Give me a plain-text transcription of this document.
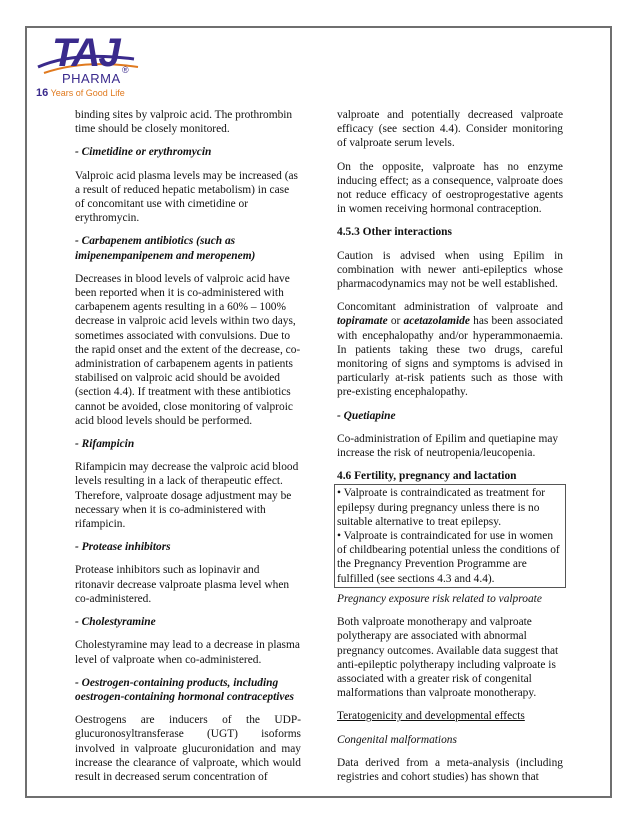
TAJ
PHARMA
®
16 Years of Good Life

binding sites by valproic acid. The prothrombin time should be closely monitored.

- Cimetidine or erythromycin

Valproic acid plasma levels may be increased (as a result of reduced hepatic metabolism) in case of concomitant use with cimetidine or erythromycin.

- Carbapenem antibiotics (such as imipenempanipenem and meropenem)

Decreases in blood levels of valproic acid have been reported when it is co-administered with carbapenem agents resulting in a 60% – 100% decrease in valproic acid levels within two days, sometimes associated with convulsions. Due to the rapid onset and the extent of the decrease, co-administration of carbapenem agents in patients stabilised on valproic acid should be avoided (section 4.4). If treatment with these antibiotics cannot be avoided, close monitoring of valproic acid blood levels should be performed.

- Rifampicin

Rifampicin may decrease the valproic acid blood levels resulting in a lack of therapeutic effect. Therefore, valproate dosage adjustment may be necessary when it is co-administered with rifampicin.

- Protease inhibitors

Protease inhibitors such as lopinavir and ritonavir decrease valproate plasma level when co-administered.

- Cholestyramine

Cholestyramine may lead to a decrease in plasma level of valproate when co-administered.

- Oestrogen-containing products, including oestrogen-containing hormonal contraceptives

Oestrogens are inducers of the UDP-glucuronosyltransferase (UGT) isoforms involved in valproate glucuronidation and may increase the clearance of valproate, which would result in decreased serum concentration of

valproate and potentially decreased valproate efficacy (see section 4.4). Consider monitoring of valproate serum levels.

On the opposite, valproate has no enzyme inducing effect; as a consequence, valproate does not reduce efficacy of oestroprogestative agents in women receiving hormonal contraception.

4.5.3 Other interactions

Caution is advised when using Epilim in combination with newer anti-epileptics whose pharmacodynamics may not be well established.

Concomitant administration of valproate and topiramate or acetazolamide has been associated with encephalopathy and/or hyperammonaemia. In patients taking these two drugs, careful monitoring of signs and symptoms is advised in particularly at-risk patients such as those with pre-existing encephalopathy.

- Quetiapine

Co-administration of Epilim and quetiapine may increase the risk of neutropenia/leucopenia.

4.6 Fertility, pregnancy and lactation

• Valproate is contraindicated as treatment for epilepsy during pregnancy unless there is no suitable alternative to treat epilepsy.

• Valproate is contraindicated for use in women of childbearing potential unless the conditions of the Pregnancy Prevention Programme are fulfilled (see sections 4.3 and 4.4).

Pregnancy exposure risk related to valproate

Both valproate monotherapy and valproate polytherapy are associated with abnormal pregnancy outcomes. Available data suggest that anti-epileptic polytherapy including valproate is associated with a greater risk of congenital malformations than valproate monotherapy.

Teratogenicity and developmental effects

Congenital malformations

Data derived from a meta-analysis (including registries and cohort studies) has shown that
